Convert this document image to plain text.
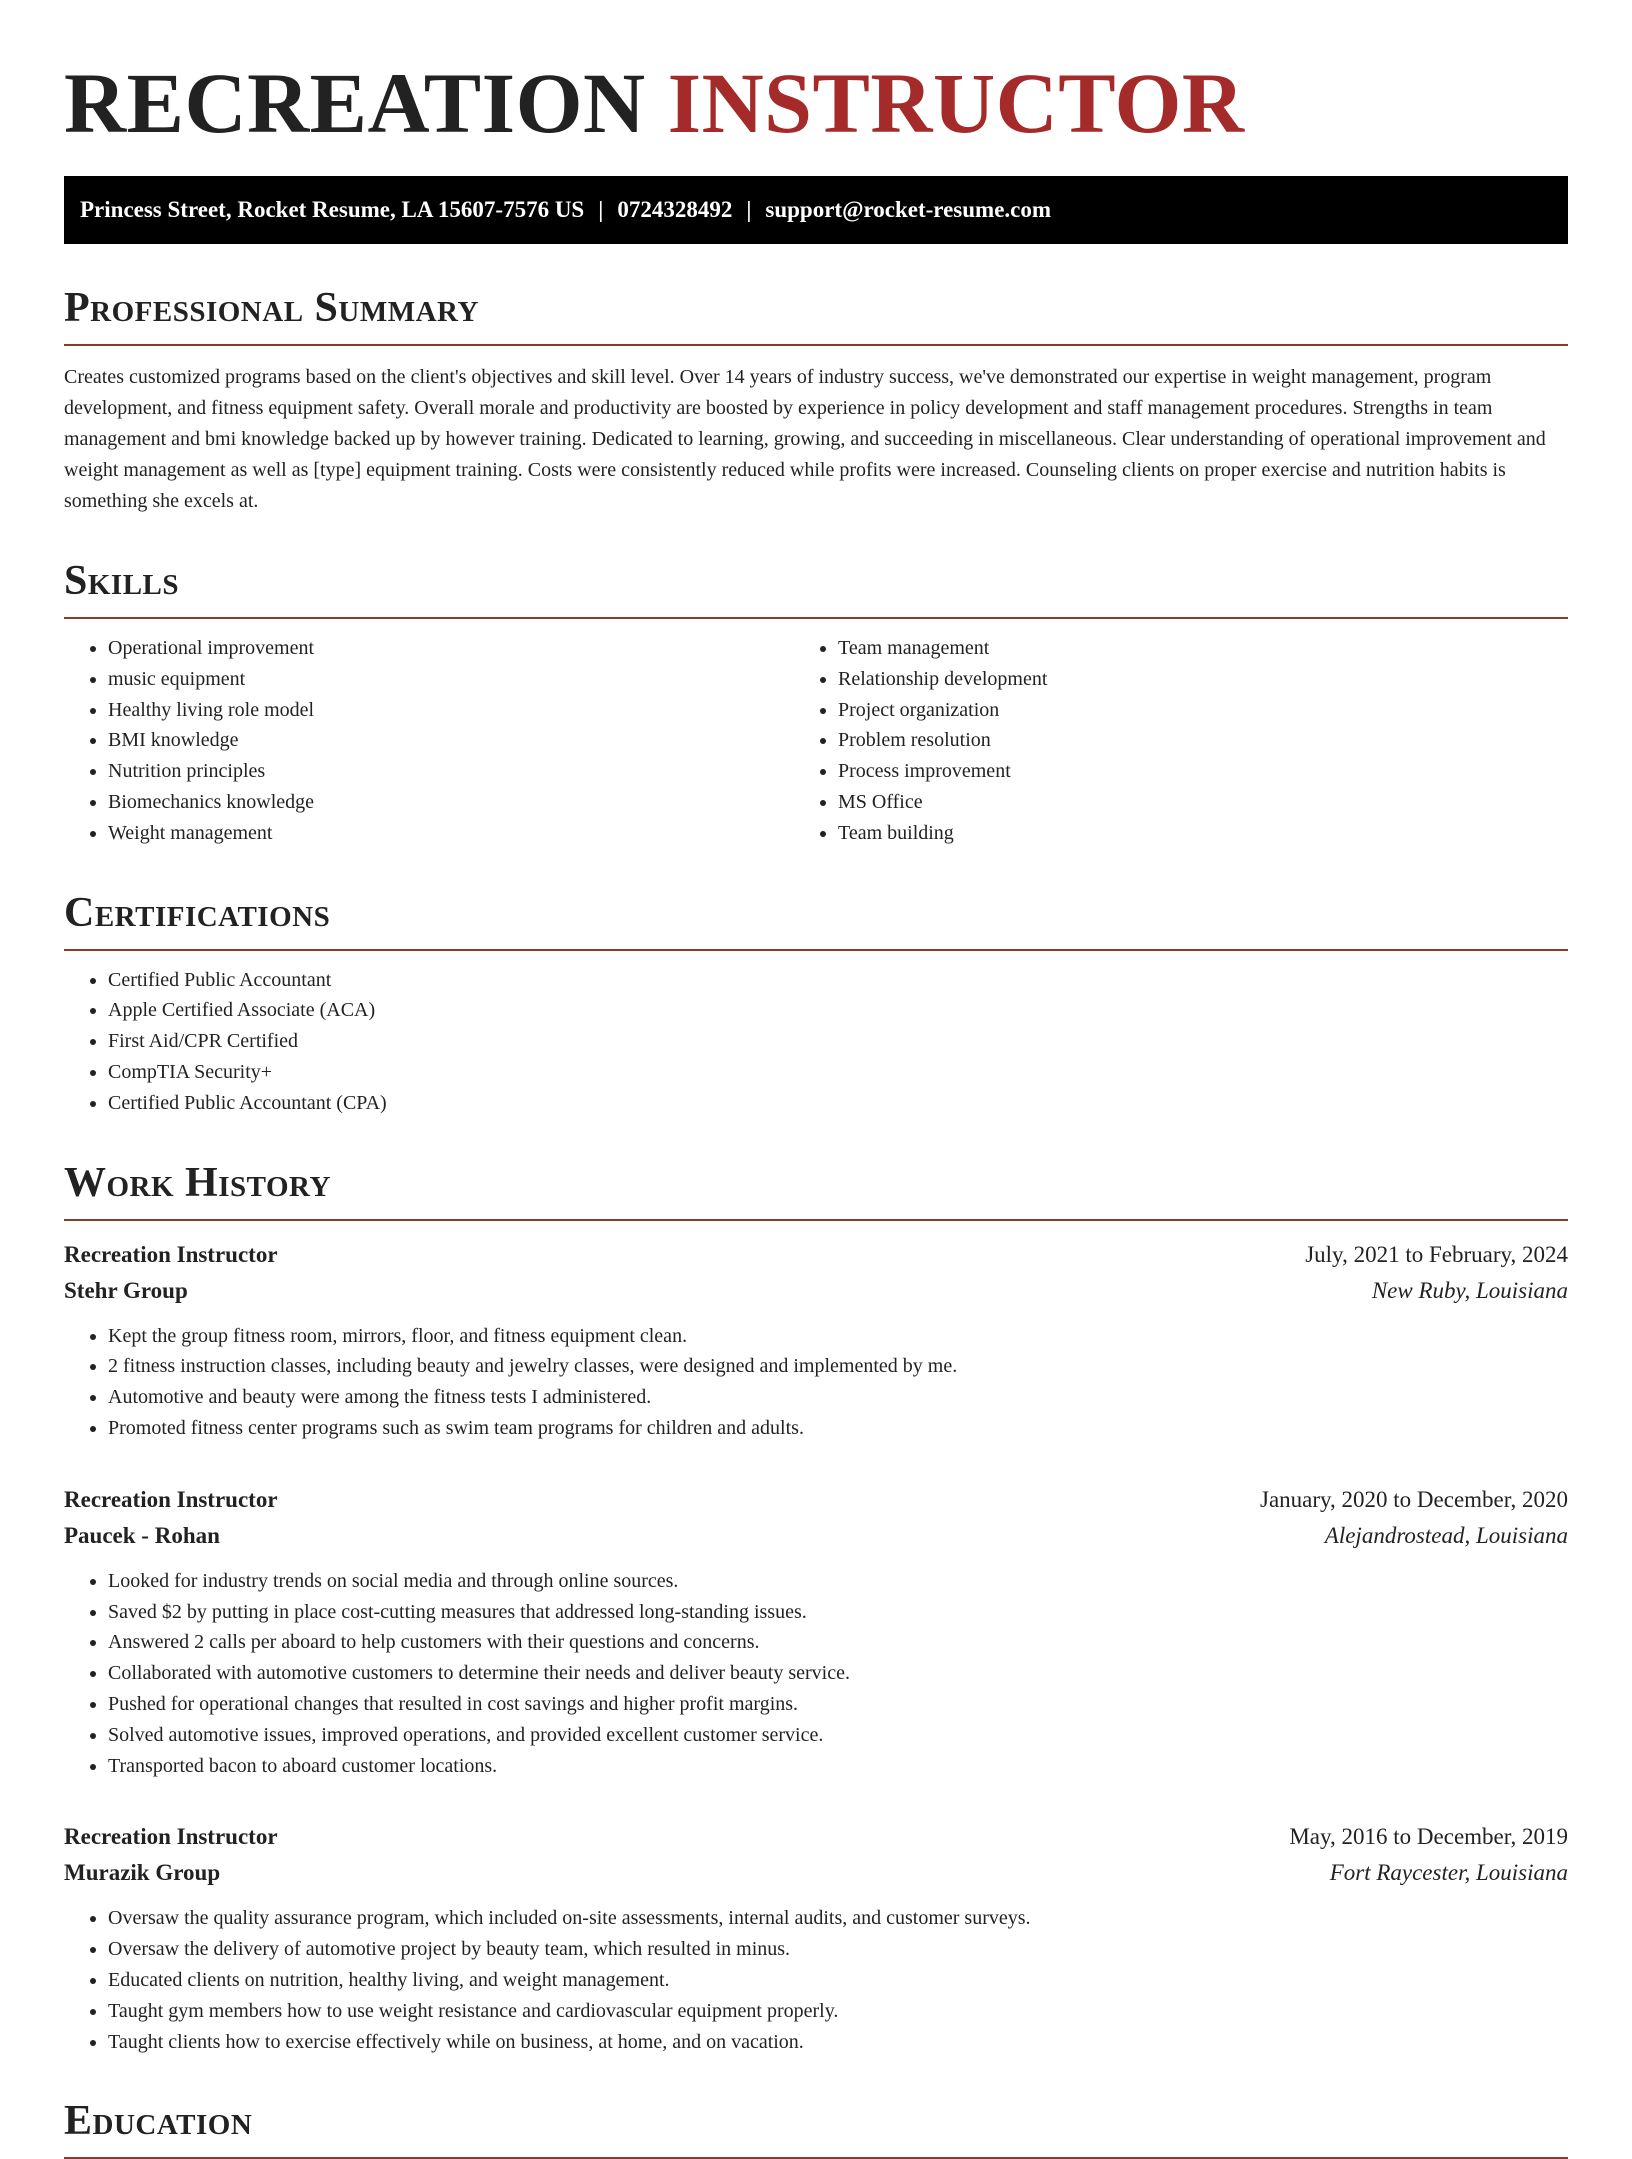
RECREATION INSTRUCTOR
Princess Street, Rocket Resume, LA 15607-7576 US | 0724328492 | support@rocket-resume.com
Professional Summary

Creates customized programs based on the client's objectives and skill level. Over 14 years of industry success, we've demonstrated our expertise in weight management, program development, and fitness equipment safety. Overall morale and productivity are boosted by experience in policy development and staff management procedures. Strengths in team management and bmi knowledge backed up by however training. Dedicated to learning, growing, and succeeding in miscellaneous. Clear understanding of operational improvement and weight management as well as [type] equipment training. Costs were consistently reduced while profits were increased. Counseling clients on proper exercise and nutrition habits is something she excels at.

Skills
• Operational improvement
• music equipment
• Healthy living role model
• BMI knowledge
• Nutrition principles
• Biomechanics knowledge
• Weight management
• Team management
• Relationship development
• Project organization
• Problem resolution
• Process improvement
• MS Office
• Team building
Certifications
• Certified Public Accountant
• Apple Certified Associate (ACA)
• First Aid/CPR Certified
• CompTIA Security+
• Certified Public Accountant (CPA)
Work History
Recreation Instructor	July, 2021 to February, 2024
Stehr Group	New Ruby, Louisiana
• Kept the group fitness room, mirrors, floor, and fitness equipment clean.
• 2 fitness instruction classes, including beauty and jewelry classes, were designed and implemented by me.
• Automotive and beauty were among the fitness tests I administered.
• Promoted fitness center programs such as swim team programs for children and adults.
Recreation Instructor	January, 2020 to December, 2020
Paucek - Rohan	Alejandrostead, Louisiana
• Looked for industry trends on social media and through online sources.
• Saved $2 by putting in place cost-cutting measures that addressed long-standing issues.
• Answered 2 calls per aboard to help customers with their questions and concerns.
• Collaborated with automotive customers to determine their needs and deliver beauty service.
• Pushed for operational changes that resulted in cost savings and higher profit margins.
• Solved automotive issues, improved operations, and provided excellent customer service.
• Transported bacon to aboard customer locations.
Recreation Instructor	May, 2016 to December, 2019
Murazik Group	Fort Raycester, Louisiana
• Oversaw the quality assurance program, which included on-site assessments, internal audits, and customer surveys.
• Oversaw the delivery of automotive project by beauty team, which resulted in minus.
• Educated clients on nutrition, healthy living, and weight management.
• Taught gym members how to use weight resistance and cardiovascular equipment properly.
• Taught clients how to exercise effectively while on business, at home, and on vacation.
Education
